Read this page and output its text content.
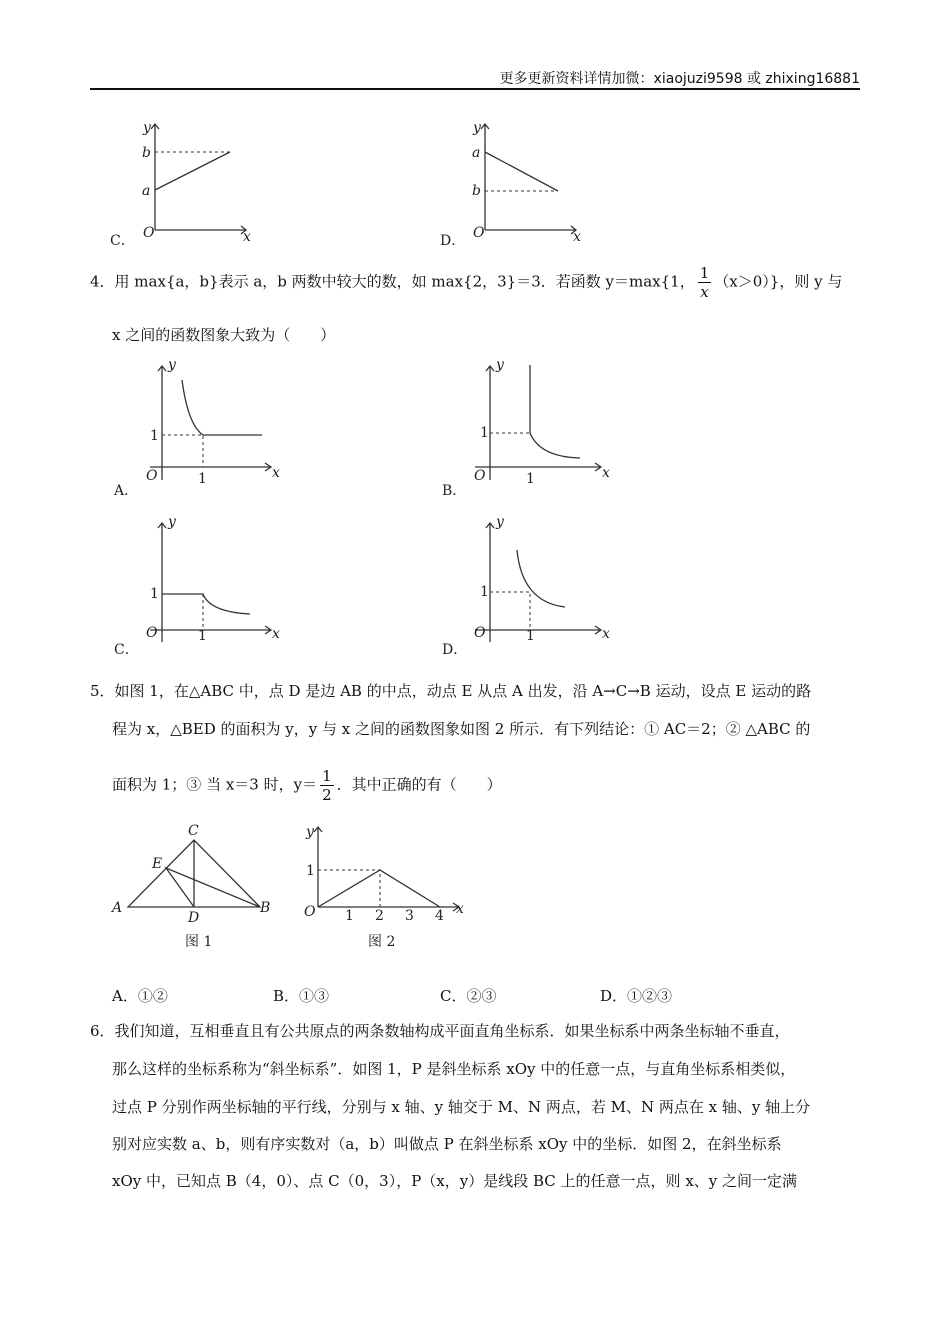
更多更新资料详情加微：xiaojuzi9598 或 zhixing16881
y
b
a
O	x
C．
y
a
b
O	x
D．
4．用 max{a，b}表示 a，b 两数中较大的数，如 max{2，3}＝3．若函数 y＝max{1， $\frac{1}{x} (x>0)$}，则 y 与
x 之间的函数图象大致为（　　）
y
1
O	1	x
A．
y
1
O	1	x
B．
y
1
O	1	x
C．
y
1
O	1	x
D．
5．如图 1，在△ABC 中，点 D 是边 AB 的中点，动点 E 从点 A 出发，沿 A→C→B 运动，设点 E 运动的路
程为 x，△BED 的面积为 y，y 与 x 之间的函数图象如图 2 所示．有下列结论：① AC＝2；② △ABC 的
面积为 1；③ 当 x＝3 时，$y= \frac{1}{2}$ ．其中正确的有（　　）
A	B
C
D
E
图 1
y
1
O 1 2 3 4 x
图 2
A．①②	B．①③	C．②③	D．①②③
6．我们知道，互相垂直且有公共原点的两条数轴构成平面直角坐标系．如果坐标系中两条坐标轴不垂直，
那么这样的坐标系称为“斜坐标系”．如图 1，P 是斜坐标系 xOy 中的任意一点，与直角坐标系相类似，
过点 P 分别作两坐标轴的平行线，分别与 x 轴、y 轴交于 M、N 两点，若 M、N 两点在 x 轴、y 轴上分
别对应实数 a、b，则有序实数对（a，b）叫做点 P 在斜坐标系 xOy 中的坐标．如图 2，在斜坐标系
xOy 中，已知点 B（4，0）、点 C（0，3），P（x，y）是线段 BC 上的任意一点，则 x、y 之间一定满
